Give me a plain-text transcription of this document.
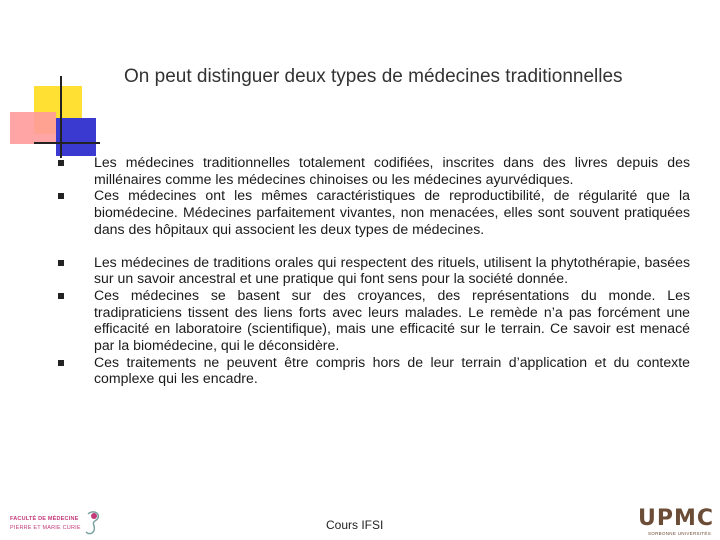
On peut distinguer deux types de médecines traditionnelles
Les médecines traditionnelles totalement codifiées, inscrites dans des livres depuis des millénaires comme les médecines chinoises ou les médecines ayurvédiques.
Ces médecines ont les mêmes caractéristiques de reproductibilité, de régularité que la biomédecine. Médecines parfaitement vivantes, non menacées, elles sont souvent pratiquées dans des hôpitaux qui associent les deux types de médecines.
Les médecines de traditions orales qui respectent des rituels, utilisent la phytothérapie, basées sur un savoir ancestral et une pratique qui font sens pour la société donnée.
Ces médecines se basent sur des croyances, des représentations du monde. Les tradipraticiens tissent des liens forts avec leurs malades. Le remède n’a pas forcément une efficacité en laboratoire (scientifique), mais une efficacité sur le terrain. Ce savoir est menacé par la biomédecine, qui le déconsidère.
Ces traitements ne peuvent être compris hors de leur terrain d’application et du contexte complexe qui les encadre.
FACULTÉ DE MÉDECINE
PIERRE ET MARIE CURIE	Cours IFSI	UPMC
SORBONNE UNIVERSITÉS
